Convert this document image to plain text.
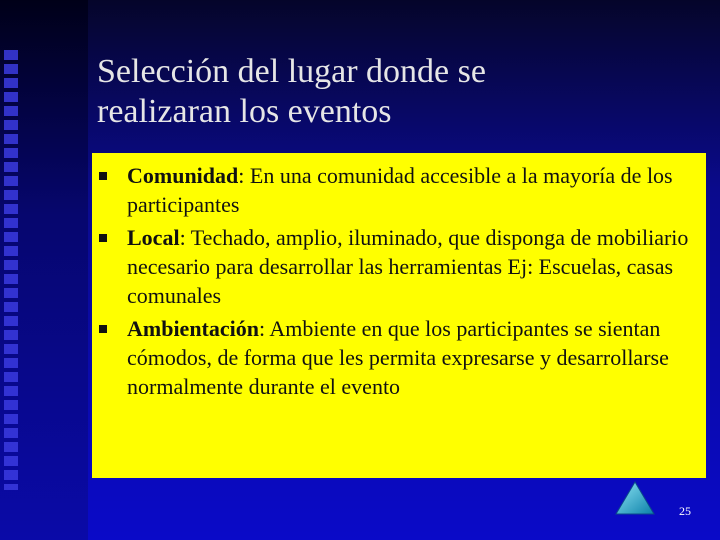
Selección del lugar donde se
realizaran los eventos
Comunidad: En una comunidad accesible a la mayoría de los participantes
Local: Techado, amplio, iluminado, que disponga de mobiliario necesario para desarrollar las herramientas Ej: Escuelas, casas comunales
Ambientación: Ambiente en que los participantes se sientan cómodos, de forma que les permita expresarse y desarrollarse normalmente durante el evento
25
